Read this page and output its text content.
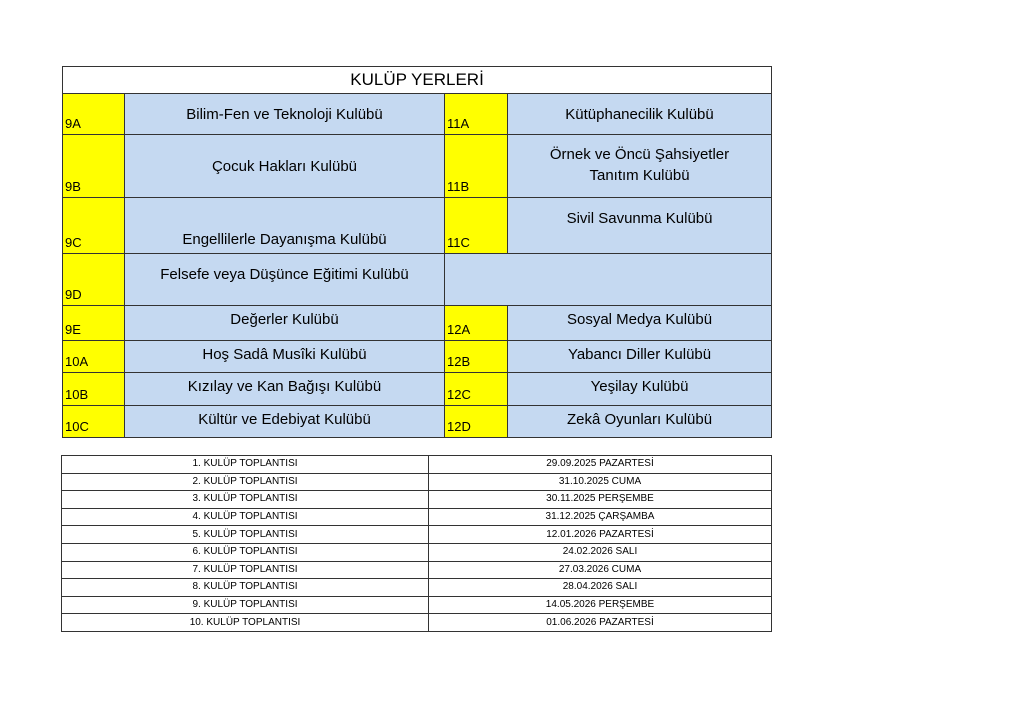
KULÜP YERLERİ			
9A	Bilim-Fen ve Teknoloji Kulübü	11A	Kütüphanecilik Kulübü
9B	Çocuk Hakları Kulübü	11B	Örnek ve Öncü Şahsiyetler
Tanıtım Kulübü

9C	Engellilerle Dayanışma Kulübü	11C	Sivil Savunma Kulübü
9D	Felsefe veya Düşünce Eğitimi Kulübü		
9E	Değerler Kulübü	12A	Sosyal Medya Kulübü
10A	Hoş Sadâ Musîki Kulübü	12B	Yabancı Diller Kulübü
10B	Kızılay ve Kan Bağışı Kulübü	12C	Yeşilay Kulübü
10C	Kültür ve Edebiyat Kulübü	12D	Zekâ Oyunları Kulübü
1. KULÜP TOPLANTISI	29.09.2025 PAZARTESİ
2. KULÜP TOPLANTISI	31.10.2025 CUMA
3. KULÜP TOPLANTISI	30.11.2025 PERŞEMBE
4. KULÜP TOPLANTISI	31.12.2025 ÇARŞAMBA
5. KULÜP TOPLANTISI	12.01.2026 PAZARTESİ
6. KULÜP TOPLANTISI	24.02.2026 SALI
7. KULÜP TOPLANTISI	27.03.2026 CUMA
8. KULÜP TOPLANTISI	28.04.2026 SALI
9. KULÜP TOPLANTISI	14.05.2026 PERŞEMBE
10. KULÜP TOPLANTISI	01.06.2026 PAZARTESİ
